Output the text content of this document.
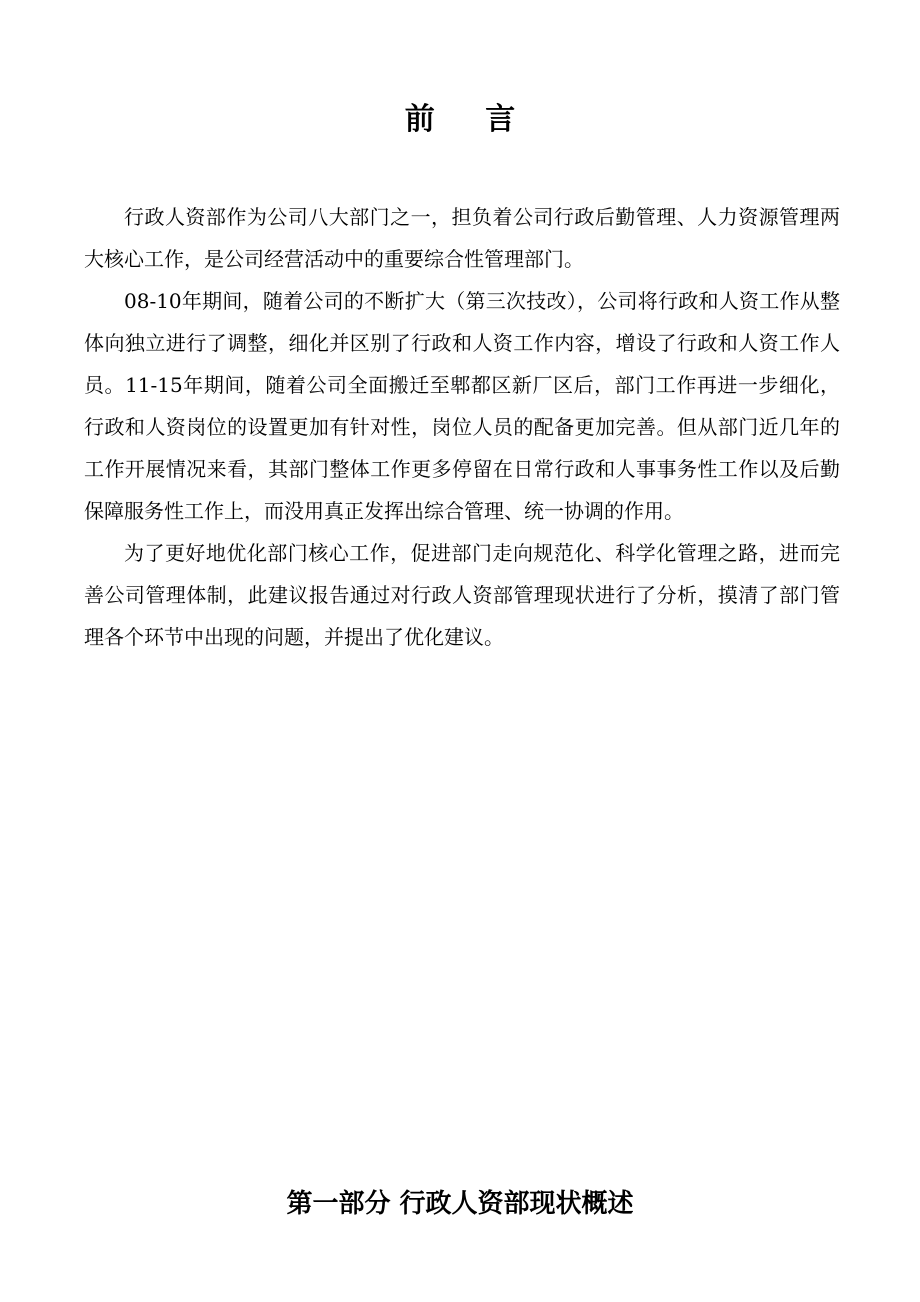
前 言

行政人资部作为公司八大部门之一，担负着公司行政后勤管理、人力资源管理两大核心工作，是公司经营活动中的重要综合性管理部门。

08-10年期间，随着公司的不断扩大（第三次技改），公司将行政和人资工作从整体向独立进行了调整，细化并区别了行政和人资工作内容，增设了行政和人资工作人员。11-15年期间，随着公司全面搬迁至郫都区新厂区后，部门工作再进一步细化，行政和人资岗位的设置更加有针对性，岗位人员的配备更加完善。但从部门近几年的工作开展情况来看，其部门整体工作更多停留在日常行政和人事事务性工作以及后勤保障服务性工作上，而没用真正发挥出综合管理、统一协调的作用。

为了更好地优化部门核心工作，促进部门走向规范化、科学化管理之路，进而完善公司管理体制，此建议报告通过对行政人资部管理现状进行了分析，摸清了部门管理各个环节中出现的问题，并提出了优化建议。

第一部分 行政人资部现状概述
